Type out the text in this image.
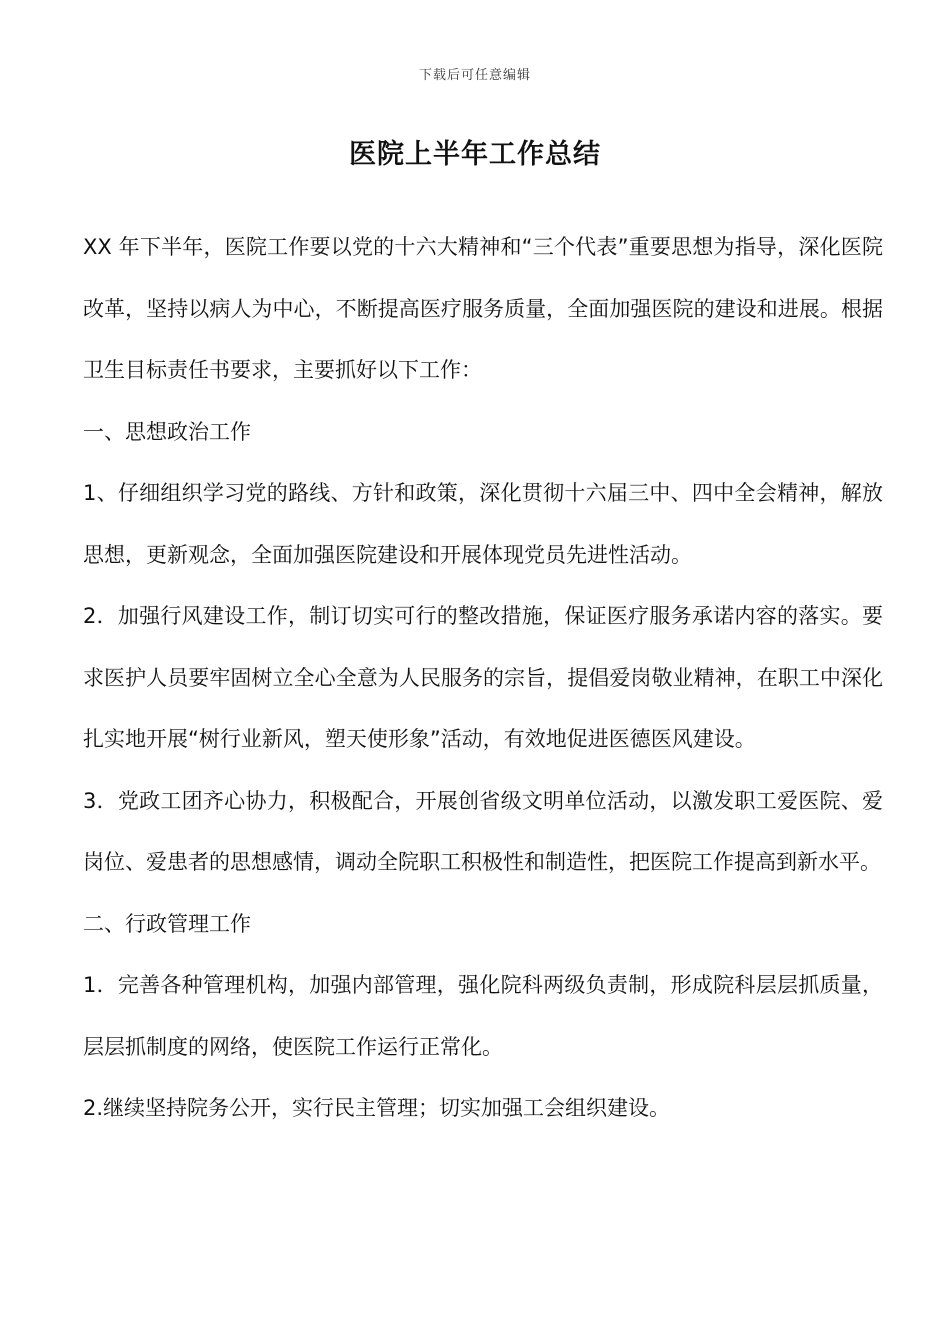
下载后可任意编辑
医院上半年工作总结

XX 年下半年，医院工作要以党的十六大精神和“三个代表”重要思想为指导，深化医院改革，坚持以病人为中心，不断提高医疗服务质量，全面加强医院的建设和进展。根据卫生目标责任书要求，主要抓好以下工作：

一、思想政治工作

1、仔细组织学习党的路线、方针和政策，深化贯彻十六届三中、四中全会精神，解放思想，更新观念，全面加强医院建设和开展体现党员先进性活动。

2．加强行风建设工作，制订切实可行的整改措施，保证医疗服务承诺内容的落实。要求医护人员要牢固树立全心全意为人民服务的宗旨，提倡爱岗敬业精神，在职工中深化扎实地开展“树行业新风，塑天使形象”活动，有效地促进医德医风建设。

3．党政工团齐心协力，积极配合，开展创省级文明单位活动，以激发职工爱医院、爱岗位、爱患者的思想感情，调动全院职工积极性和制造性，把医院工作提高到新水平。

二、行政管理工作

1．完善各种管理机构，加强内部管理，强化院科两级负责制，形成院科层层抓质量，层层抓制度的网络，使医院工作运行正常化。

2.继续坚持院务公开，实行民主管理；切实加强工会组织建设。
